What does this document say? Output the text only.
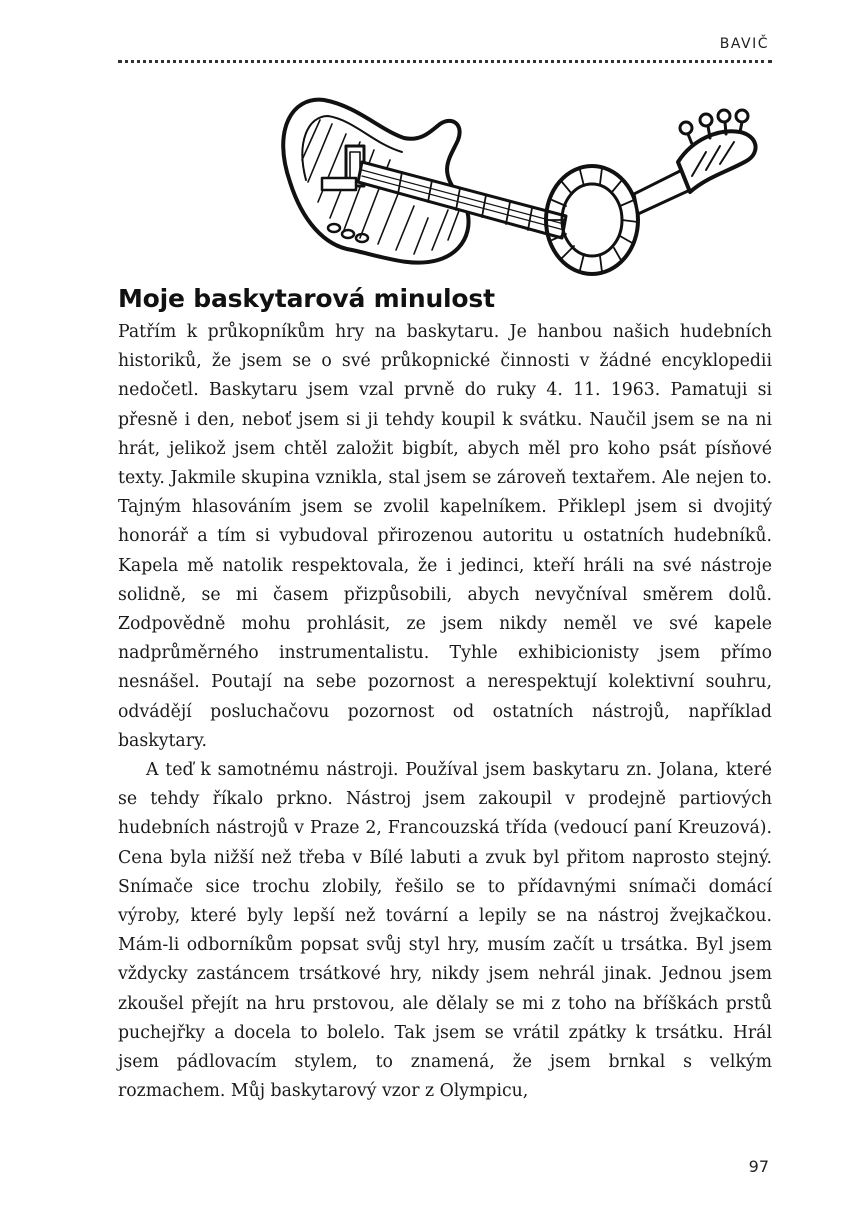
BAVIČ
Moje baskytarová minulost

Patřím k průkopníkům hry na baskytaru. Je hanbou našich hudebních historiků, že jsem se o své průkopnické činnosti v žádné encyklopedii nedočetl. Baskytaru jsem vzal prvně do ruky 4. 11. 1963. Pamatuji si přesně i den, neboť jsem si ji tehdy koupil k svátku. Naučil jsem se na ni hrát, jelikož jsem chtěl založit bigbít, abych měl pro koho psát písňové texty. Jakmile skupina vznikla, stal jsem se zároveň textařem. Ale nejen to. Tajným hlasováním jsem se zvolil kapelníkem. Přiklepl jsem si dvojitý honorář a tím si vybudoval přirozenou autoritu u ostatních hudebníků. Kapela mě natolik respektovala, že i jedinci, kteří hráli na své nástroje solidně, se mi časem přizpůsobili, abych nevyčníval směrem dolů. Zodpovědně mohu prohlásit, ze jsem nikdy neměl ve své kapele nadprůměrného instrumentalistu. Tyhle exhibicionisty jsem přímo nesnášel. Poutají na sebe pozornost a nerespektují kolektivní souhru, odvádějí posluchačovu pozornost od ostatních nástrojů, například baskytary.

A teď k samotnému nástroji. Používal jsem baskytaru zn. Jolana, které se tehdy říkalo prkno. Nástroj jsem zakoupil v prodejně partiových hudebních nástrojů v Praze 2, Francouzská třída (vedoucí paní Kreuzová). Cena byla nižší než třeba v Bílé labuti a zvuk byl přitom naprosto stejný. Snímače sice trochu zlobily, řešilo se to přídavnými snímači domácí výroby, které byly lepší než tovární a lepily se na nástroj žvejkačkou. Mám-li odborníkům popsat svůj styl hry, musím začít u trsátka. Byl jsem vždycky zastáncem trsátkové hry, nikdy jsem nehrál jinak. Jednou jsem zkoušel přejít na hru prstovou, ale dělaly se mi z toho na bříškách prstů puchejřky a docela to bolelo. Tak jsem se vrátil zpátky k trsátku. Hrál jsem pádlovacím stylem, to znamená, že jsem brnkal s velkým rozmachem. Můj baskytarový vzor z Olympicu,

97
